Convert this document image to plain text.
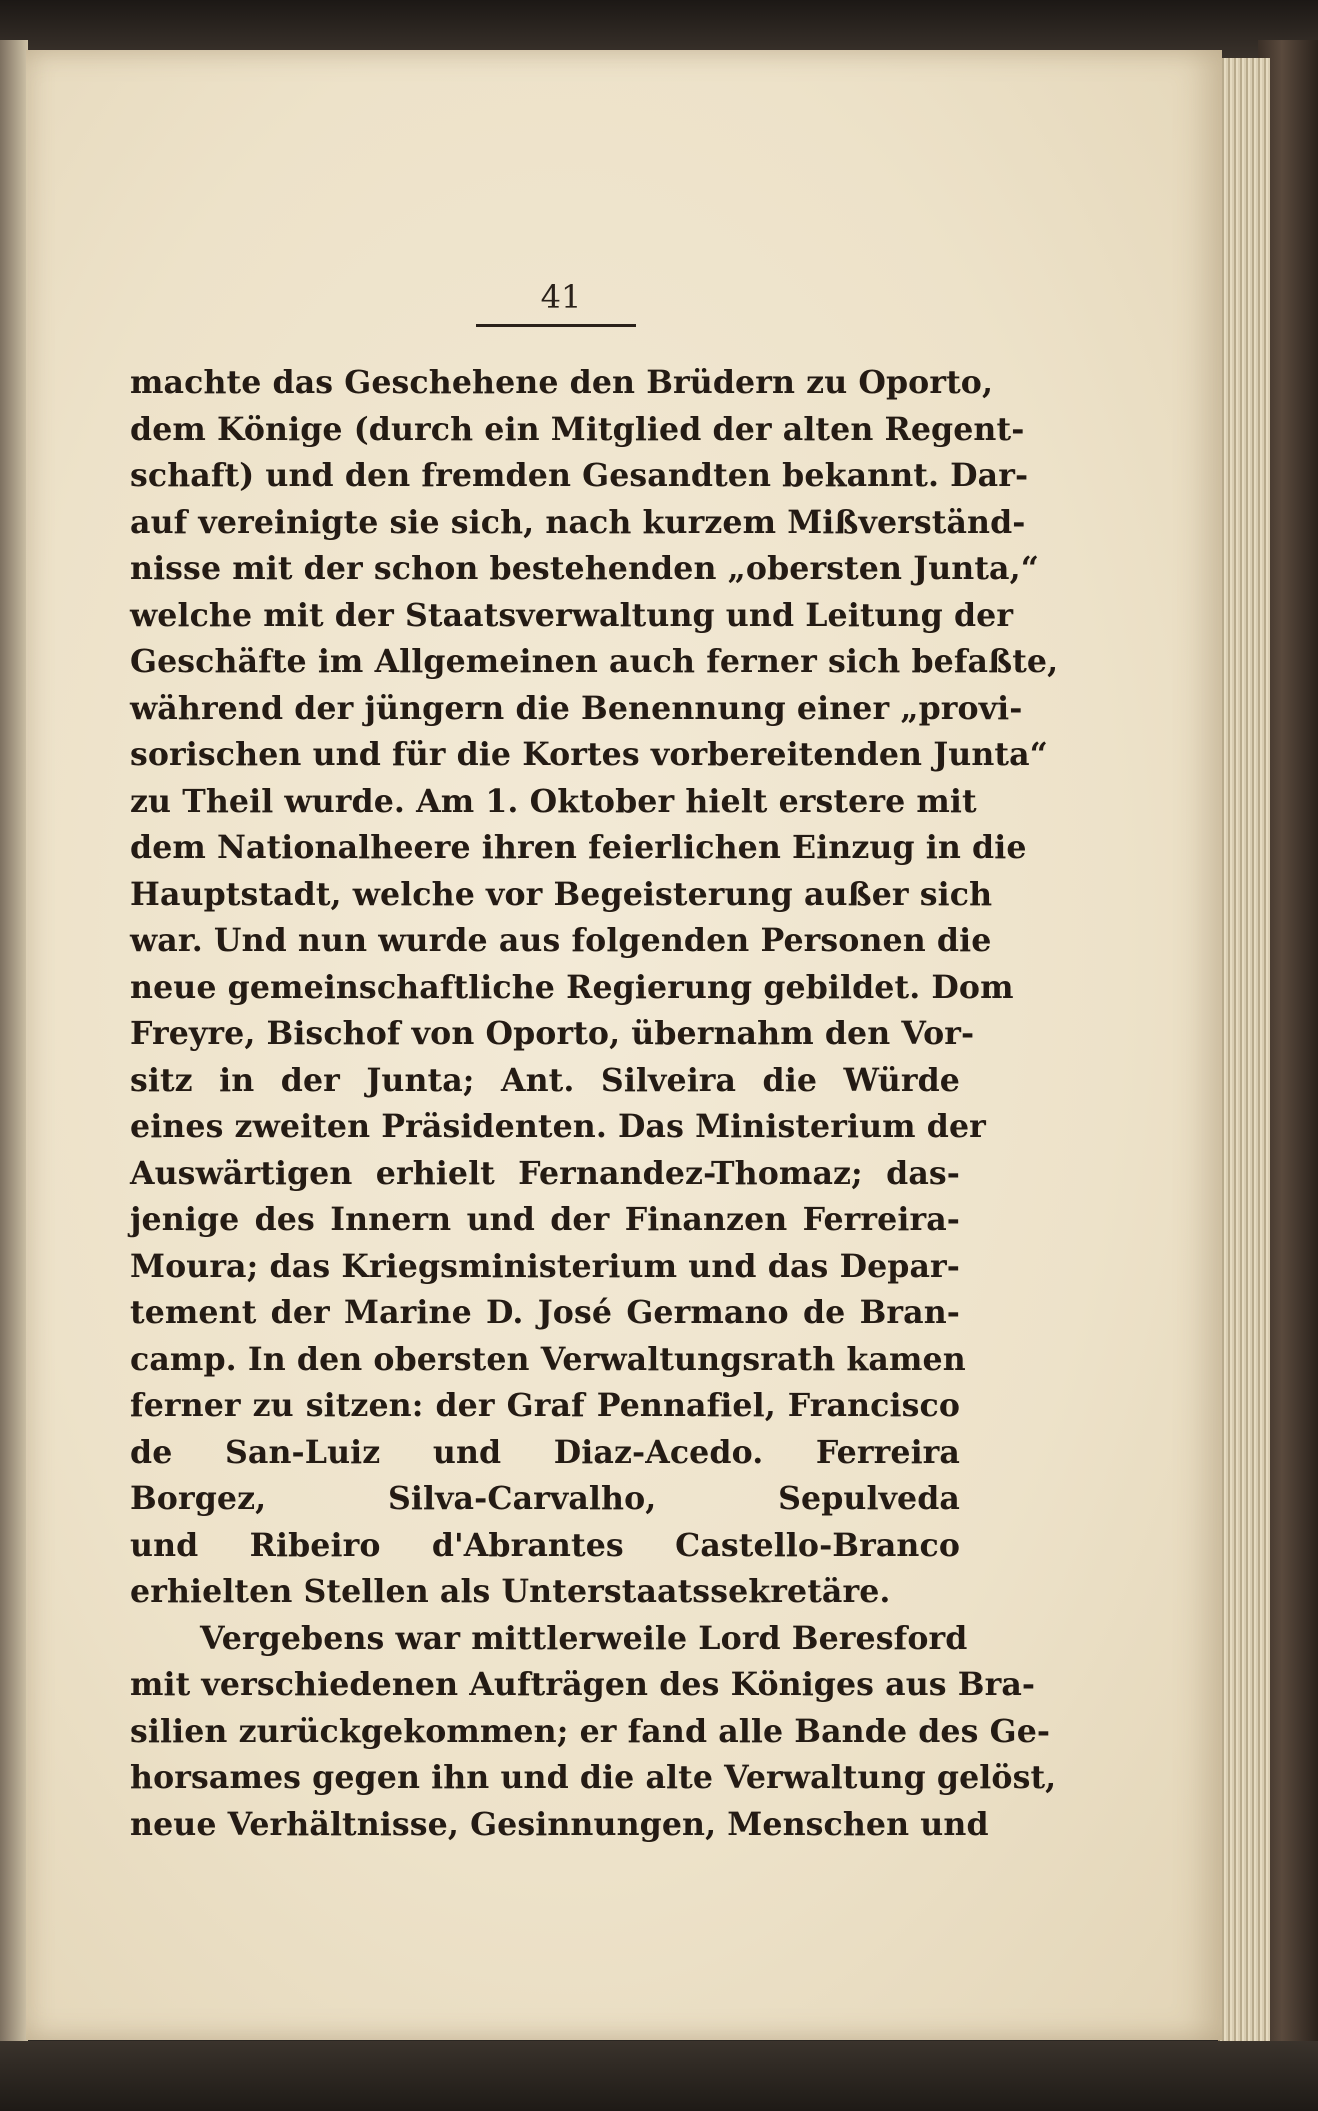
41
machte das Geschehene den Brüdern zu Oporto,
dem Könige (durch ein Mitglied der alten Regent-
schaft) und den fremden Gesandten bekannt. Dar-
auf vereinigte sie sich, nach kurzem Mißverständ-
nisse mit der schon bestehenden „obersten Junta,“
welche mit der Staatsverwaltung und Leitung der
Geschäfte im Allgemeinen auch ferner sich befaßte,
während der jüngern die Benennung einer „provi-
sorischen und für die Kortes vorbereitenden Junta“
zu Theil wurde. Am 1. Oktober hielt erstere mit
dem Nationalheere ihren feierlichen Einzug in die
Hauptstadt, welche vor Begeisterung außer sich
war. Und nun wurde aus folgenden Personen die
neue gemeinschaftliche Regierung gebildet. Dom
Freyre, Bischof von Oporto, übernahm den Vor-
sitz in der Junta; Ant. Silveira die Würde
eines zweiten Präsidenten. Das Ministerium der
Auswärtigen erhielt Fernandez-Thomaz; das-
jenige des Innern und der Finanzen Ferreira-
Moura; das Kriegsministerium und das Depar-
tement der Marine D. José Germano de Bran-
camp. In den obersten Verwaltungsrath kamen
ferner zu sitzen: der Graf Pennafiel, Francisco
de San-Luiz und Diaz-Acedo. Ferreira
Borgez, Silva-Carvalho, Sepulveda
und Ribeiro d'Abrantes Castello-Branco
erhielten Stellen als Unterstaatssekretäre.
Vergebens war mittlerweile Lord Beresford
mit verschiedenen Aufträgen des Königes aus Bra-
silien zurückgekommen; er fand alle Bande des Ge-
horsames gegen ihn und die alte Verwaltung gelöst,
neue Verhältnisse, Gesinnungen, Menschen und
